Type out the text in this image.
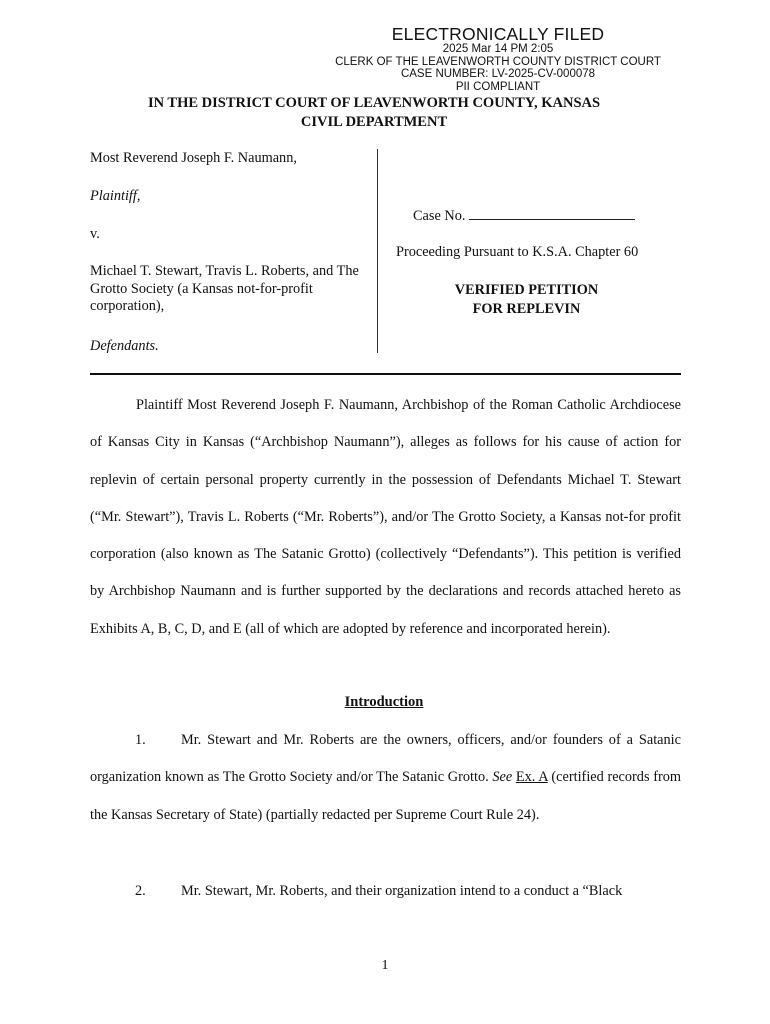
ELECTRONICALLY FILED
2025 Mar 14 PM 2:05
CLERK OF THE LEAVENWORTH COUNTY DISTRICT COURT
CASE NUMBER: LV-2025-CV-000078
PII COMPLIANT
IN THE DISTRICT COURT OF LEAVENWORTH COUNTY, KANSAS
CIVIL DEPARTMENT
Most Reverend Joseph F. Naumann,
Plaintiff,
v.
Michael T. Stewart, Travis L. Roberts, and The Grotto Society (a Kansas not-for-profit corporation),
Defendants.
Case No.
Proceeding Pursuant to K.S.A. Chapter 60
VERIFIED PETITION
FOR REPLEVIN
Plaintiff Most Reverend Joseph F. Naumann, Archbishop of the Roman Catholic Archdiocese of Kansas City in Kansas (“Archbishop Naumann”), alleges as follows for his cause of action for replevin of certain personal property currently in the possession of Defendants Michael T. Stewart (“Mr. Stewart”), Travis L. Roberts (“Mr. Roberts”), and/or The Grotto Society, a Kansas not-for profit corporation (also known as The Satanic Grotto) (collectively “Defendants”). This petition is verified by Archbishop Naumann and is further supported by the declarations and records attached hereto as Exhibits A, B, C, D, and E (all of which are adopted by reference and incorporated herein).
Introduction
1. Mr. Stewart and Mr. Roberts are the owners, officers, and/or founders of a Satanic organization known as The Grotto Society and/or The Satanic Grotto. See Ex. A (certified records from the Kansas Secretary of State) (partially redacted per Supreme Court Rule 24).
2. Mr. Stewart, Mr. Roberts, and their organization intend to a conduct a “Black
1
